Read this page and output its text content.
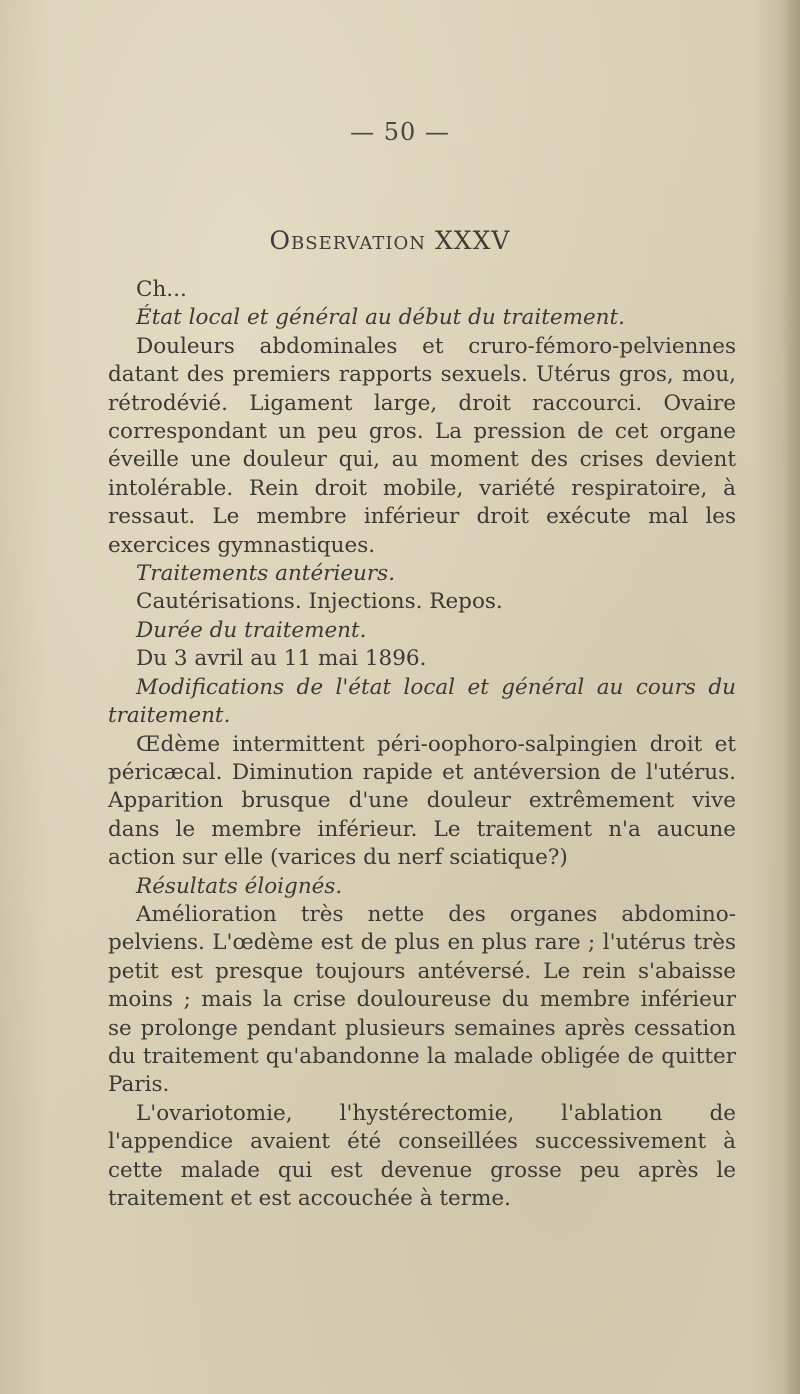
— 50 —
Observation XXXV

Ch...

État local et général au début du traitement.

Douleurs abdominales et cruro-fémoro-pelviennes datant des premiers rapports sexuels. Utérus gros, mou, rétrodévié. Ligament large, droit raccourci. Ovaire correspondant un peu gros. La pression de cet organe éveille une douleur qui, au moment des crises devient intolérable. Rein droit mobile, variété respiratoire, à ressaut. Le membre inférieur droit exécute mal les exercices gymnastiques.

Traitements antérieurs.

Cautérisations. Injections. Repos.

Durée du traitement.

Du 3 avril au 11 mai 1896.

Modifications de l'état local et général au cours du traitement.

Œdème intermittent péri-oophoro-salpingien droit et péricæcal. Diminution rapide et antéversion de l'utérus. Apparition brusque d'une douleur extrêmement vive dans le membre inférieur. Le traitement n'a aucune action sur elle (varices du nerf sciatique?)

Résultats éloignés.

Amélioration très nette des organes abdomino-pelviens. L'œdème est de plus en plus rare ; l'utérus très petit est presque toujours antéversé. Le rein s'abaisse moins ; mais la crise douloureuse du membre inférieur se prolonge pendant plusieurs semaines après cessation du traitement qu'abandonne la malade obligée de quitter Paris.

L'ovariotomie, l'hystérectomie, l'ablation de l'appendice avaient été conseillées successivement à cette malade qui est devenue grosse peu après le traitement et est accouchée à terme.
